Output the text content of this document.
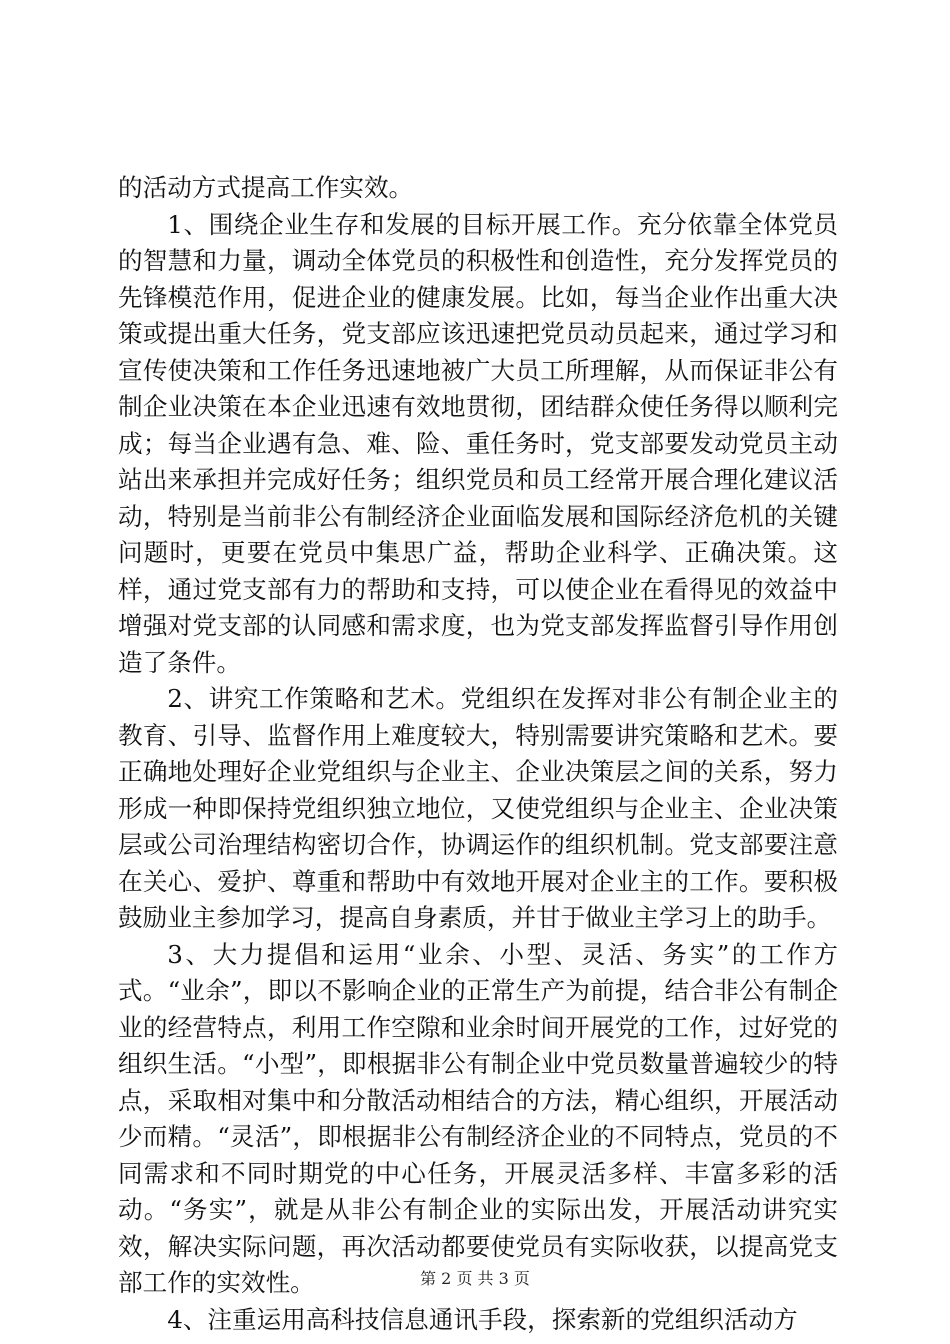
的活动方式提高工作实效。

1、围绕企业生存和发展的目标开展工作。充分依靠全体党员的智慧和力量，调动全体党员的积极性和创造性，充分发挥党员的先锋模范作用，促进企业的健康发展。比如，每当企业作出重大决策或提出重大任务，党支部应该迅速把党员动员起来，通过学习和宣传使决策和工作任务迅速地被广大员工所理解，从而保证非公有制企业决策在本企业迅速有效地贯彻，团结群众使任务得以顺利完成；每当企业遇有急、难、险、重任务时，党支部要发动党员主动站出来承担并完成好任务；组织党员和员工经常开展合理化建议活动，特别是当前非公有制经济企业面临发展和国际经济危机的关键问题时，更要在党员中集思广益，帮助企业科学、正确决策。这样，通过党支部有力的帮助和支持，可以使企业在看得见的效益中增强对党支部的认同感和需求度，也为党支部发挥监督引导作用创造了条件。

2、讲究工作策略和艺术。党组织在发挥对非公有制企业主的教育、引导、监督作用上难度较大，特别需要讲究策略和艺术。要正确地处理好企业党组织与企业主、企业决策层之间的关系，努力形成一种即保持党组织独立地位，又使党组织与企业主、企业决策层或公司治理结构密切合作，协调运作的组织机制。党支部要注意在关心、爱护、尊重和帮助中有效地开展对企业主的工作。要积极鼓励业主参加学习，提高自身素质，并甘于做业主学习上的助手。

3、大力提倡和运用“业余、小型、灵活、务实”的工作方式。“业余”，即以不影响企业的正常生产为前提，结合非公有制企业的经营特点，利用工作空隙和业余时间开展党的工作，过好党的组织生活。“小型”，即根据非公有制企业中党员数量普遍较少的特点，采取相对集中和分散活动相结合的方法，精心组织，开展活动少而精。“灵活”，即根据非公有制经济企业的不同特点，党员的不同需求和不同时期党的中心任务，开展灵活多样、丰富多彩的活动。“务实”，就是从非公有制企业的实际出发，开展活动讲究实效，解决实际问题，再次活动都要使党员有实际收获，以提高党支部工作的实效性。

4、注重运用高科技信息通讯手段，探索新的党组织活动方

第 2 页 共 3 页
